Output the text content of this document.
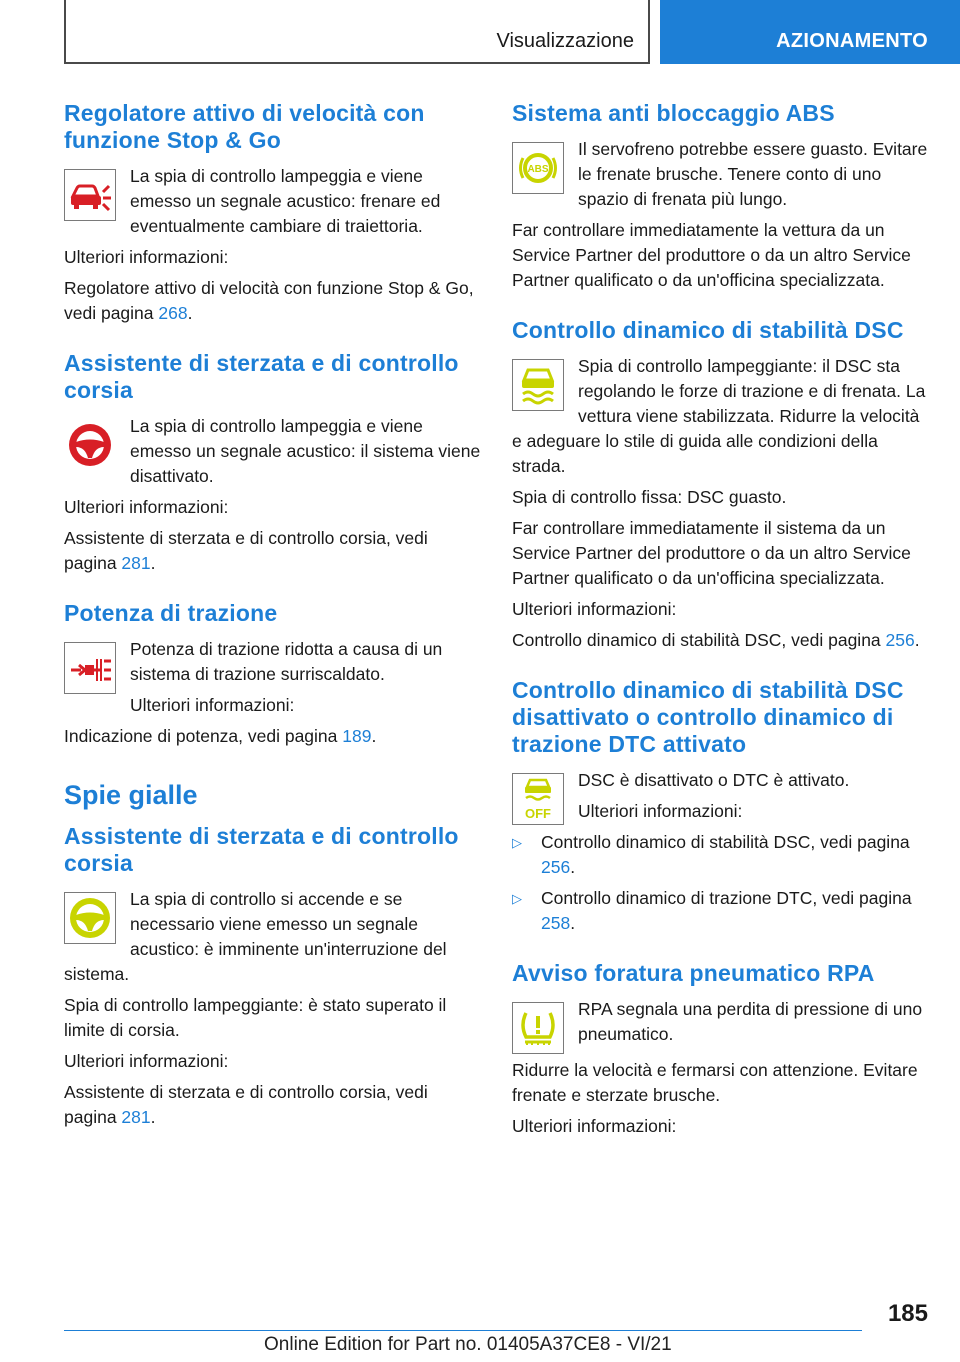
Visualizzazione	AZIONAMENTO
Regolatore attivo di velocità con funzione Stop & Go

La spia di controllo lampeggia e viene emesso un segnale acustico: frenare ed eventualmente cambiare di traiettoria.

Ulteriori informazioni:

Regolatore attivo di velocità con funzione Stop & Go, vedi pagina 268.

Assistente di sterzata e di controllo corsia

La spia di controllo lampeggia e viene emesso un segnale acustico: il sistema viene disattivato.

Ulteriori informazioni:

Assistente di sterzata e di controllo corsia, vedi pagina 281.

Potenza di trazione

Potenza di trazione ridotta a causa di un sistema di trazione surriscaldato.

Ulteriori informazioni:

Indicazione di potenza, vedi pagina 189.

Spie gialle
Assistente di sterzata e di controllo corsia

La spia di controllo si accende e se necessario viene emesso un segnale acustico: è imminente un'interruzione del sistema.

Spia di controllo lampeggiante: è stato superato il limite di corsia.

Ulteriori informazioni:

Assistente di sterzata e di controllo corsia, vedi pagina 281.

Sistema anti bloccaggio ABS
ABS

Il servofreno potrebbe essere guasto. Evitare le frenate brusche. Tenere conto di uno spazio di frenata più lungo.

Far controllare immediatamente la vettura da un Service Partner del produttore o da un altro Service Partner qualificato o da un'officina specializzata.

Controllo dinamico di stabilità DSC

Spia di controllo lampeggiante: il DSC sta regolando le forze di trazione e di frenata. La vettura viene stabilizzata. Ridurre la velocità e adeguare lo stile di guida alle condizioni della strada.

Spia di controllo fissa: DSC guasto.

Far controllare immediatamente il sistema da un Service Partner del produttore o da un altro Service Partner qualificato o da un'officina specializzata.

Ulteriori informazioni:

Controllo dinamico di stabilità DSC, vedi pagina 256.

Controllo dinamico di stabilità DSC disattivato o controllo dinamico di trazione DTC attivato
OFF

DSC è disattivato o DTC è attivato.

Ulteriori informazioni:

▷ Controllo dinamico di stabilità DSC, vedi pagina 256.
▷ Controllo dinamico di trazione DTC, vedi pagina 258.
Avviso foratura pneumatico RPA

RPA segnala una perdita di pressione di uno pneumatico.

Ridurre la velocità e fermarsi con attenzione. Evitare frenate e sterzate brusche.

Ulteriori informazioni:

185
Online Edition for Part no. 01405A37CE8 - VI/21
